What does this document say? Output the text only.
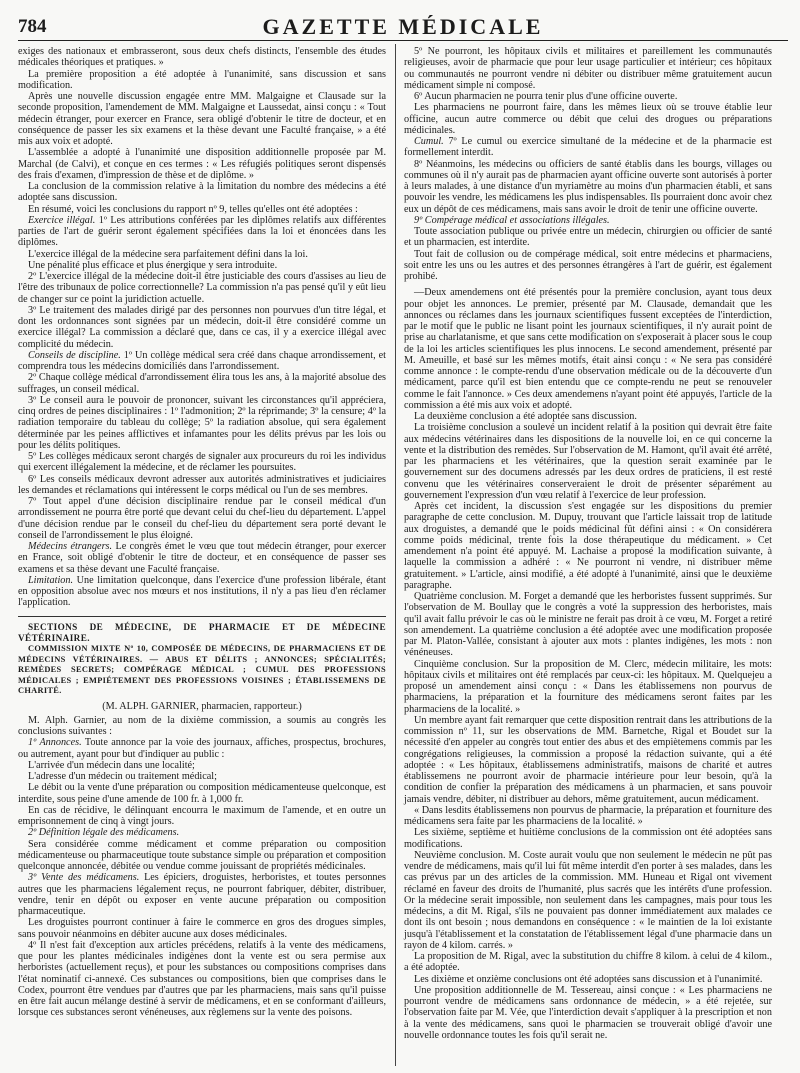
784	GAZETTE MÉDICALE

exiges des nationaux et embrasseront, sous deux chefs distincts, l'ensemble des études médicales théoriques et pratiques. »

La première proposition a été adoptée à l'unanimité, sans discussion et sans modification.

Après une nouvelle discussion engagée entre MM. Malgaigne et Clausade sur la seconde proposition, l'amendement de MM. Malgaigne et Laussedat, ainsi conçu : « Tout médecin étranger, pour exercer en France, sera obligé d'obtenir le titre de docteur, et en conséquence de passer les six examens et la thèse devant une Faculté française, » a été mis aux voix et adopté.

L'assemblée a adopté à l'unanimité une disposition additionnelle proposée par M. Marchal (de Calvi), et conçue en ces termes : « Les réfugiés politiques seront dispensés des frais d'examen, d'impression de thèse et de diplôme. »

La conclusion de la commission relative à la limitation du nombre des médecins a été adoptée sans discussion.

En résumé, voici les conclusions du rapport nº 9, telles qu'elles ont été adoptées :

Exercice illégal. 1º Les attributions conférées par les diplômes relatifs aux différentes parties de l'art de guérir seront également spécifiées dans la loi et énoncées dans les diplômes.

L'exercice illégal de la médecine sera parfaitement défini dans la loi.

Une pénalité plus efficace et plus énergique y sera introduite.

2º L'exercice illégal de la médecine doit-il être justiciable des cours d'assises au lieu de l'être des tribunaux de police correctionnelle? La commission n'a pas pensé qu'il y eût lieu de changer sur ce point la juridiction actuelle.

3º Le traitement des malades dirigé par des personnes non pourvues d'un titre légal, et dont les ordonnances sont signées par un médecin, doit-il être considéré comme un exercice illégal? La commission a déclaré que, dans ce cas, il y a exercice illégal avec complicité du médecin.

Conseils de discipline. 1º Un collège médical sera créé dans chaque arrondissement, et comprendra tous les médecins domiciliés dans l'arrondissement.

2º Chaque collège médical d'arrondissement élira tous les ans, à la majorité absolue des suffrages, un conseil médical.

3º Le conseil aura le pouvoir de prononcer, suivant les circonstances qu'il appréciera, cinq ordres de peines disciplinaires : 1º l'admonition; 2º la réprimande; 3º la censure; 4º la radiation temporaire du tableau du collège; 5º la radiation absolue, qui sera également déterminée par les peines afflictives et infamantes pour les délits prévus par les lois ou pour les délits politiques.

5º Les collèges médicaux seront chargés de signaler aux procureurs du roi les individus qui exercent illégalement la médecine, et de réclamer les poursuites.

6º Les conseils médicaux devront adresser aux autorités administratives et judiciaires les demandes et réclamations qui intéressent le corps médical ou l'un de ses membres.

7º Tout appel d'une décision disciplinaire rendue par le conseil médical d'un arrondissement ne pourra être porté que devant celui du chef-lieu du département. L'appel d'une décision rendue par le conseil du chef-lieu du département sera porté devant le conseil de l'arrondissement le plus éloigné.

Médecins étrangers. Le congrès émet le vœu que tout médecin étranger, pour exercer en France, soit obligé d'obtenir le titre de docteur, et en conséquence de passer ses examens et sa thèse devant une Faculté française.

Limitation. Une limitation quelconque, dans l'exercice d'une profession libérale, étant en opposition absolue avec nos mœurs et nos institutions, il n'y a pas lieu d'en réclamer l'application.

SECTIONS DE MÉDECINE, DE PHARMACIE ET DE MÉDECINE VÉTÉRINAIRE.

COMMISSION MIXTE Nº 10, COMPOSÉE DE MÉDECINS, DE PHARMACIENS ET DE MÉDECINS VÉTÉRINAIRES. — ABUS ET DÉLITS ; ANNONCES; SPÉCIALITÉS; REMÈDES SECRETS; COMPÉRAGE MÉDICAL ; CUMUL DES PROFESSIONS MÉDICALES ; EMPIÉTEMENT DES PROFESSIONS VOISINES ; ÉTABLISSEMENS DE CHARITÉ.

(M. ALPH. GARNIER, pharmacien, rapporteur.)

M. Alph. Garnier, au nom de la dixième commission, a soumis au congrès les conclusions suivantes :

1º Annonces. Toute annonce par la voie des journaux, affiches, prospectus, brochures, ou autrement, ayant pour but d'indiquer au public :

L'arrivée d'un médecin dans une localité;

L'adresse d'un médecin ou traitement médical;

Le débit ou la vente d'une préparation ou composition médicamenteuse quelconque, est interdite, sous peine d'une amende de 100 fr. à 1,000 fr.

En cas de récidive, le délinquant encourra le maximum de l'amende, et en outre un emprisonnement de cinq à vingt jours.

2º Définition légale des médicamens.

Sera considérée comme médicament et comme préparation ou composition médicamenteuse ou pharmaceutique toute substance simple ou préparation et composition quelconque annoncée, débitée ou vendue comme jouissant de propriétés médicinales.

3º Vente des médicamens. Les épiciers, droguistes, herboristes, et toutes personnes autres que les pharmaciens légalement reçus, ne pourront fabriquer, débiter, distribuer, vendre, tenir en dépôt ou exposer en vente aucune préparation ou composition pharmaceutique.

Les droguistes pourront continuer à faire le commerce en gros des drogues simples, sans pouvoir néanmoins en débiter aucune aux doses médicinales.

4º Il n'est fait d'exception aux articles précédens, relatifs à la vente des médicamens, que pour les plantes médicinales indigènes dont la vente est ou sera permise aux herboristes (actuellement reçus), et pour les substances ou compositions comprises dans l'état nominatif ci-annexé. Ces substances ou compositions, bien que comprises dans le Codex, pourront être vendues par d'autres que par les pharmaciens, mais sans qu'il puisse en être fait aucun mélange destiné à servir de médicamens, et en se conformant d'ailleurs, lorsque ces substances seront vénéneuses, aux règlemens sur la vente des poisons.

5º Ne pourront, les hôpitaux civils et militaires et pareillement les communautés religieuses, avoir de pharmacie que pour leur usage particulier et intérieur; ces hôpitaux ou communautés ne pourront vendre ni débiter ou distribuer même gratuitement aucun médicament simple ni composé.

6º Aucun pharmacien ne pourra tenir plus d'une officine ouverte.

Les pharmaciens ne pourront faire, dans les mêmes lieux où se trouve établie leur officine, aucun autre commerce ou débit que celui des drogues ou préparations médicinales.

Cumul. 7º Le cumul ou exercice simultané de la médecine et de la pharmacie est formellement interdit.

8º Néanmoins, les médecins ou officiers de santé établis dans les bourgs, villages ou communes où il n'y aurait pas de pharmacien ayant officine ouverte sont autorisés à porter à leurs malades, à une distance d'un myriamètre au moins d'un pharmacien établi, et sans pouvoir les vendre, les médicamens les plus indispensables. Ils pourraient donc avoir chez eux un dépôt de ces médicamens, mais sans avoir le droit de tenir une officine ouverte.

9º Compérage médical et associations illégales.

Toute association publique ou privée entre un médecin, chirurgien ou officier de santé et un pharmacien, est interdite.

Tout fait de collusion ou de compérage médical, soit entre médecins et pharmaciens, soit entre les uns ou les autres et des personnes étrangères à l'art de guérir, est également prohibé.

—Deux amendemens ont été présentés pour la première conclusion, ayant tous deux pour objet les annonces. Le premier, présenté par M. Clausade, demandait que les annonces ou réclames dans les journaux scientifiques fussent exceptées de l'interdiction, par le motif que le public ne lisant point les journaux scientifiques, il n'y aurait point de prise au charlatanisme, et que sans cette modification on s'exposerait à placer sous le coup de la loi les articles scientifiques les plus innocens. Le second amendement, présenté par M. Ameuille, et basé sur les mêmes motifs, était ainsi conçu : « Ne sera pas considéré comme annonce : le compte-rendu d'une observation médicale ou de la découverte d'un médicament, parce qu'il est bien entendu que ce compte-rendu ne peut se renouveler comme le fait l'annonce. » Ces deux amendemens n'ayant point été appuyés, l'article de la commission a été mis aux voix et adopté.

La deuxième conclusion a été adoptée sans discussion.

La troisième conclusion a soulevé un incident relatif à la position qui devrait être faite aux médecins vétérinaires dans les dispositions de la nouvelle loi, en ce qui concerne la vente et la distribution des remèdes. Sur l'observation de M. Hamont, qu'il avait été arrêté, par les pharmaciens et les vétérinaires, que la question serait examinée par le gouvernement sur des documens adressés par les deux ordres de praticiens, il est resté convenu que les vétérinaires conserveraient le droit de présenter séparément au gouvernement l'expression d'un vœu relatif à l'exercice de leur profession.

Après cet incident, la discussion s'est engagée sur les dispositions du premier paragraphe de cette conclusion. M. Dupuy, trouvant que l'article laissait trop de latitude aux droguistes, a demandé que le poids médicinal fût défini ainsi : « On considérera comme poids médicinal, trente fois la dose thérapeutique du médicament. » Cet amendement n'a point été appuyé. M. Lachaise a proposé la modification suivante, à laquelle la commission a adhéré : « Ne pourront ni vendre, ni distribuer même gratuitement. » L'article, ainsi modifié, a été adopté à l'unanimité, ainsi que le deuxième paragraphe.

Quatrième conclusion. M. Forget a demandé que les herboristes fussent supprimés. Sur l'observation de M. Boullay que le congrès a voté la suppression des herboristes, mais qu'il avait fallu prévoir le cas où le ministre ne ferait pas droit à ce vœu, M. Forget a retiré son amendement. La quatrième conclusion a été adoptée avec une modification proposée par M. Platon-Vallée, consistant à ajouter aux mots : plantes indigènes, les mots : non vénéneuses.

Cinquième conclusion. Sur la proposition de M. Clerc, médecin militaire, les mots: hôpitaux civils et militaires ont été remplacés par ceux-ci: les hôpitaux. M. Quelquejeu a proposé un amendement ainsi conçu : « Dans les établissemens non pourvus de pharmaciens, la préparation et la fourniture des médicamens seront faites par les pharmaciens de la localité. »

Un membre ayant fait remarquer que cette disposition rentrait dans les attributions de la commission nº 11, sur les observations de MM. Barnetche, Rigal et Boudet sur la nécessité d'en appeler au congrès tout entier des abus et des empiètemens commis par les congrégations religieuses, la commission a proposé la rédaction suivante, qui a été adoptée : « Les hôpitaux, établissemens administratifs, maisons de charité et autres établissemens ne pourront avoir de pharmacie intérieure pour leur besoin, qu'à la condition de confier la préparation des médicamens à un pharmacien, et sans pouvoir jamais vendre, débiter, ni distribuer au dehors, même gratuitement, aucun médicament.

« Dans lesdits établissemens non pourvus de pharmacie, la préparation et fourniture des médicamens sera faite par les pharmaciens de la localité. »

Les sixième, septième et huitième conclusions de la commission ont été adoptées sans modifications.

Neuvième conclusion. M. Coste aurait voulu que non seulement le médecin ne pût pas vendre de médicamens, mais qu'il lui fût même interdit d'en porter à ses malades, dans les cas prévus par un des articles de la commission. MM. Huneau et Rigal ont vivement réclamé en faveur des droits de l'humanité, plus sacrés que les intérêts d'une profession. Or la médecine serait impossible, non seulement dans les campagnes, mais pour tous les médecins, a dit M. Rigal, s'ils ne pouvaient pas donner immédiatement aux malades ce dont ils ont besoin ; nous demandons en conséquence : « le maintien de la loi existante jusqu'à l'établissement et la constatation de l'établissement légal d'une pharmacie dans un rayon de 4 kilom. carrés. »

La proposition de M. Rigal, avec la substitution du chiffre 8 kilom. à celui de 4 kilom., a été adoptée.

Les dixième et onzième conclusions ont été adoptées sans discussion et à l'unanimité.

Une proposition additionnelle de M. Tessereau, ainsi conçue : « Les pharmaciens ne pourront vendre de médicamens sans ordonnance de médecin, » a été rejetée, sur l'observation faite par M. Vée, que l'interdiction devait s'appliquer à la prescription et non à la vente des médicamens, sans quoi le pharmacien se trouverait obligé d'avoir une nouvelle ordonnance toutes les fois qu'il serait ne.
